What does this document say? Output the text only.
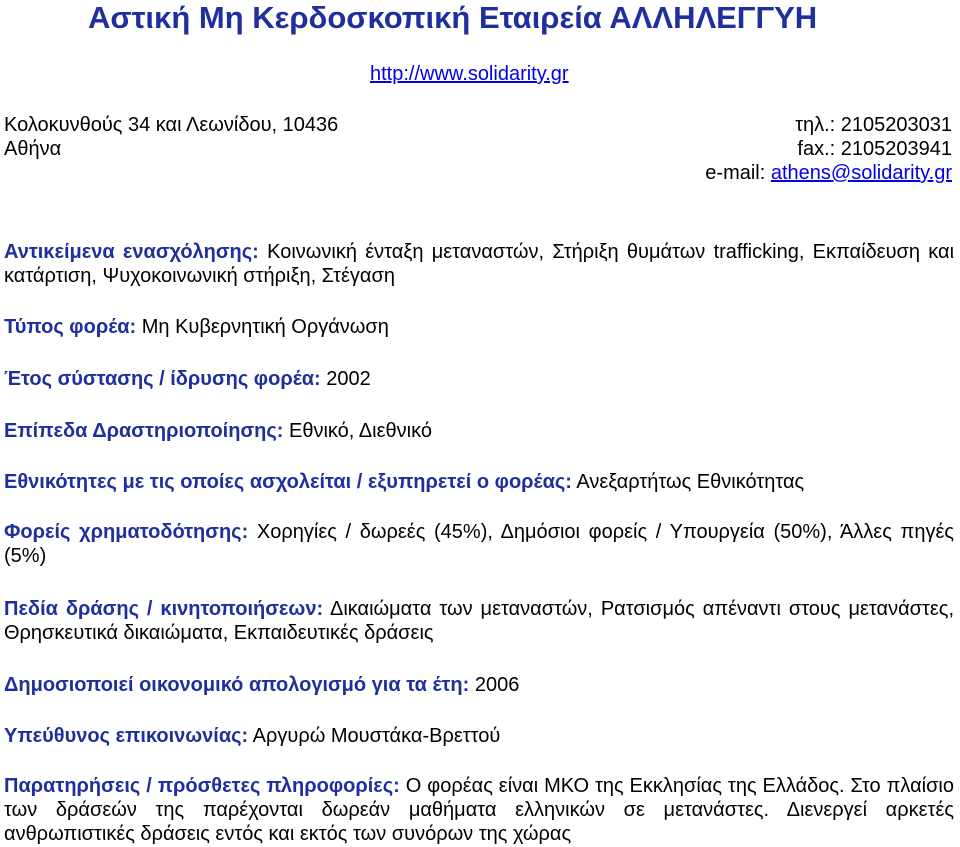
Αστική Μη Κερδοσκοπική Εταιρεία ΑΛΛΗΛΕΓΓΥΗ
http://www.solidarity.gr
Κολοκυνθούς 34 και Λεωνίδου, 10436	τηλ.: 2105203031
Αθήνα	fax.: 2105203941
e-mail: athens@solidarity.gr
Αντικείμενα ενασχόλησης: Κοινωνική ένταξη μεταναστών, Στήριξη θυμάτων trafficking, Εκπαίδευση και κατάρτιση, Ψυχοκοινωνική στήριξη, Στέγαση
Τύπος φορέα: Μη Κυβερνητική Οργάνωση
Έτος σύστασης / ίδρυσης φορέα: 2002
Επίπεδα Δραστηριοποίησης: Εθνικό, Διεθνικό
Εθνικότητες με τις οποίες ασχολείται / εξυπηρετεί ο φορέας: Ανεξαρτήτως Εθνικότητας
Φορείς χρηματοδότησης: Χορηγίες / δωρεές (45%), Δημόσιοι φορείς / Υπουργεία (50%), Άλλες πηγές (5%)
Πεδία δράσης / κινητοποιήσεων: Δικαιώματα των μεταναστών, Ρατσισμός απέναντι στους μετανάστες, Θρησκευτικά δικαιώματα, Εκπαιδευτικές δράσεις
Δημοσιοποιεί οικονομικό απολογισμό για τα έτη: 2006
Υπεύθυνος επικοινωνίας: Αργυρώ Μουστάκα-Βρεττού
Παρατηρήσεις / πρόσθετες πληροφορίες: Ο φορέας είναι ΜΚΟ της Εκκλησίας της Ελλάδος. Στο πλαίσιο των δράσεών της παρέχονται δωρεάν μαθήματα ελληνικών σε μετανάστες. Διενεργεί αρκετές ανθρωπιστικές δράσεις εντός και εκτός των συνόρων της χώρας
